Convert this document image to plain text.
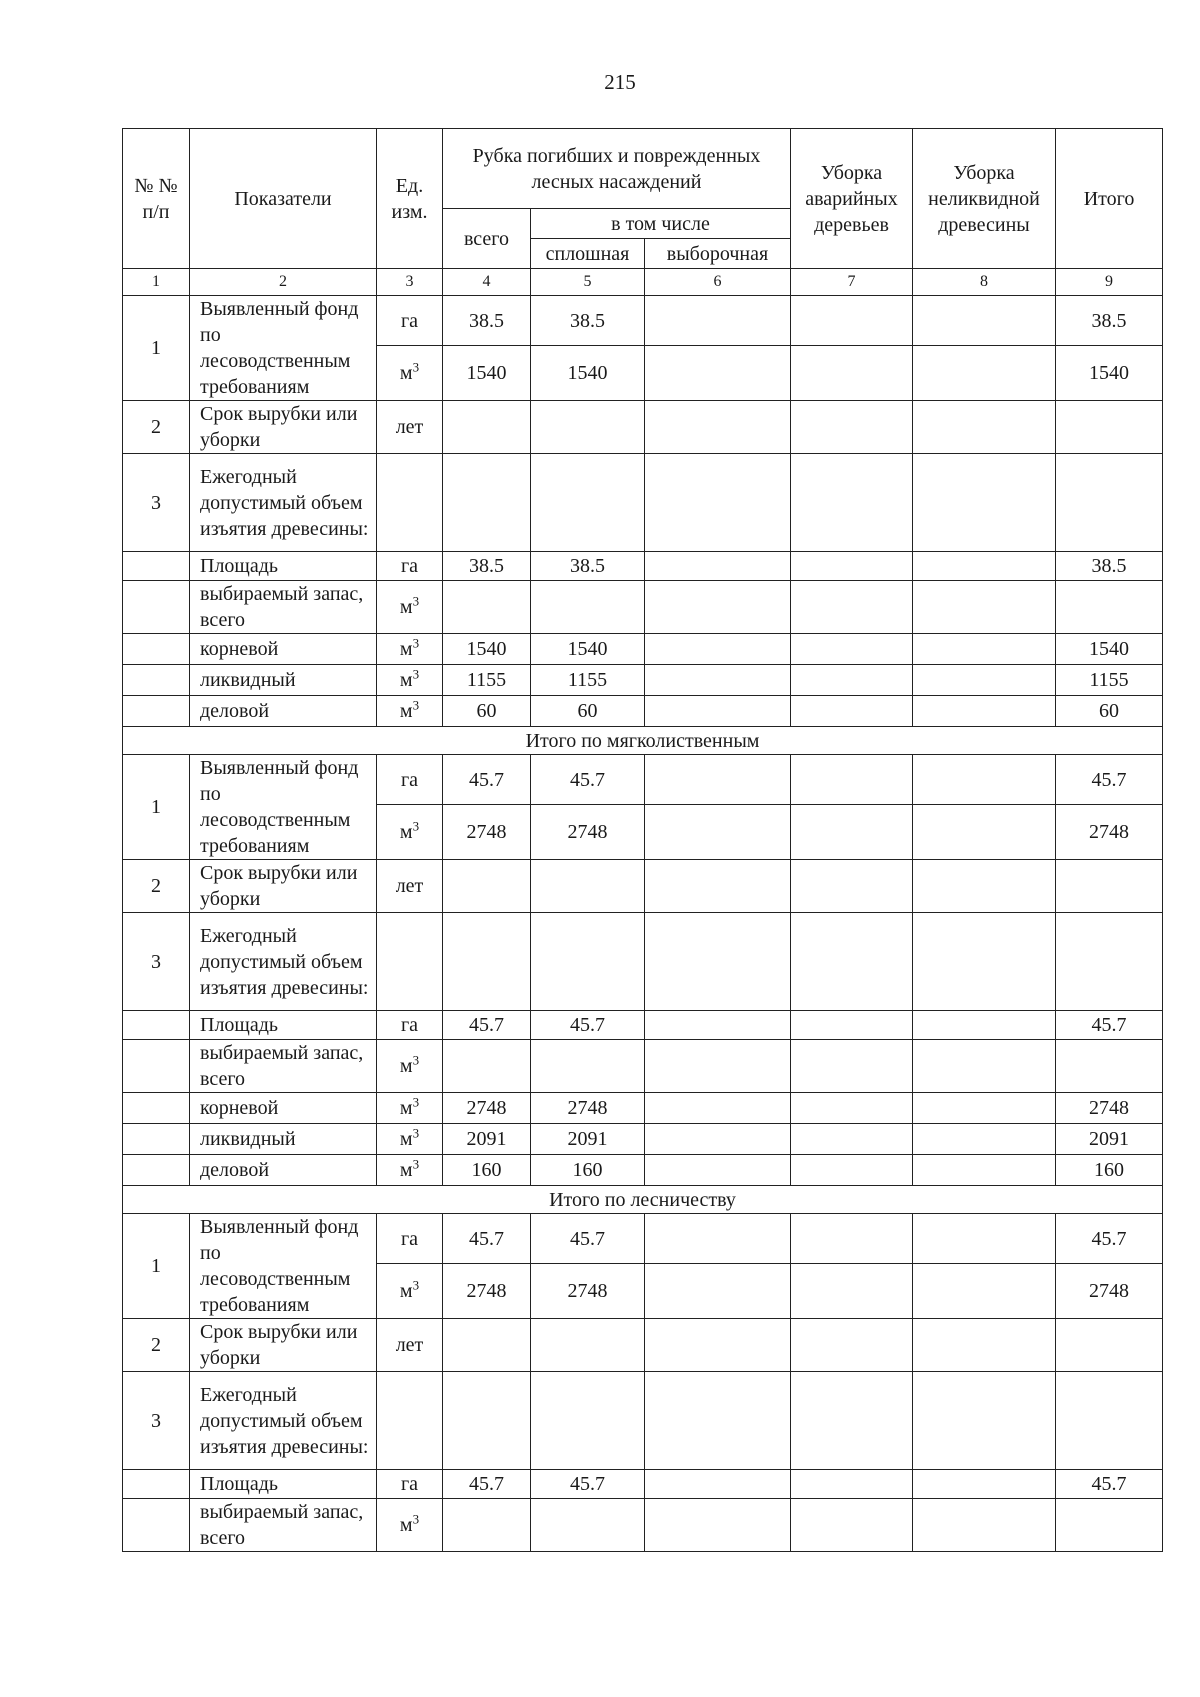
215
№ № п/п	Показатели	Ед. изм.	Рубка погибших и поврежденных лесных насаждений			Уборка аварийных деревьев	Уборка неликвидной древесины	Итого
			всего	в том числе				
				сплошная	выборочная			
1	2	3	4	5	6	7	8	9
1	Выявленный фонд по лесоводственным требованиям	га	38.5	38.5				38.5
		$м^3$	1540	1540				1540
2	Срок вырубки или уборки	лет						
3	Ежегодный допустимый объем изъятия древесины:							
	Площадь	га	38.5	38.5				38.5
	выбираемый запас, всего	$м^3$						
	корневой	$м^3$	1540	1540				1540
	ликвидный	$м^3$	1155	1155				1155
	деловой	$м^3$	60	60				60
Итого по мягколиственным								
1	Выявленный фонд по лесоводственным требованиям	га	45.7	45.7				45.7
		$м^3$	2748	2748				2748
2	Срок вырубки или уборки	лет						
3	Ежегодный допустимый объем изъятия древесины:							
	Площадь	га	45.7	45.7				45.7
	выбираемый запас, всего	$м^3$						
	корневой	$м^3$	2748	2748				2748
	ликвидный	$м^3$	2091	2091				2091
	деловой	$м^3$	160	160				160
Итого по лесничеству								
1	Выявленный фонд по лесоводственным требованиям	га	45.7	45.7				45.7
		$м^3$	2748	2748				2748
2	Срок вырубки или уборки	лет						
3	Ежегодный допустимый объем изъятия древесины:							
	Площадь	га	45.7	45.7				45.7
	выбираемый запас, всего	$м^3$						
